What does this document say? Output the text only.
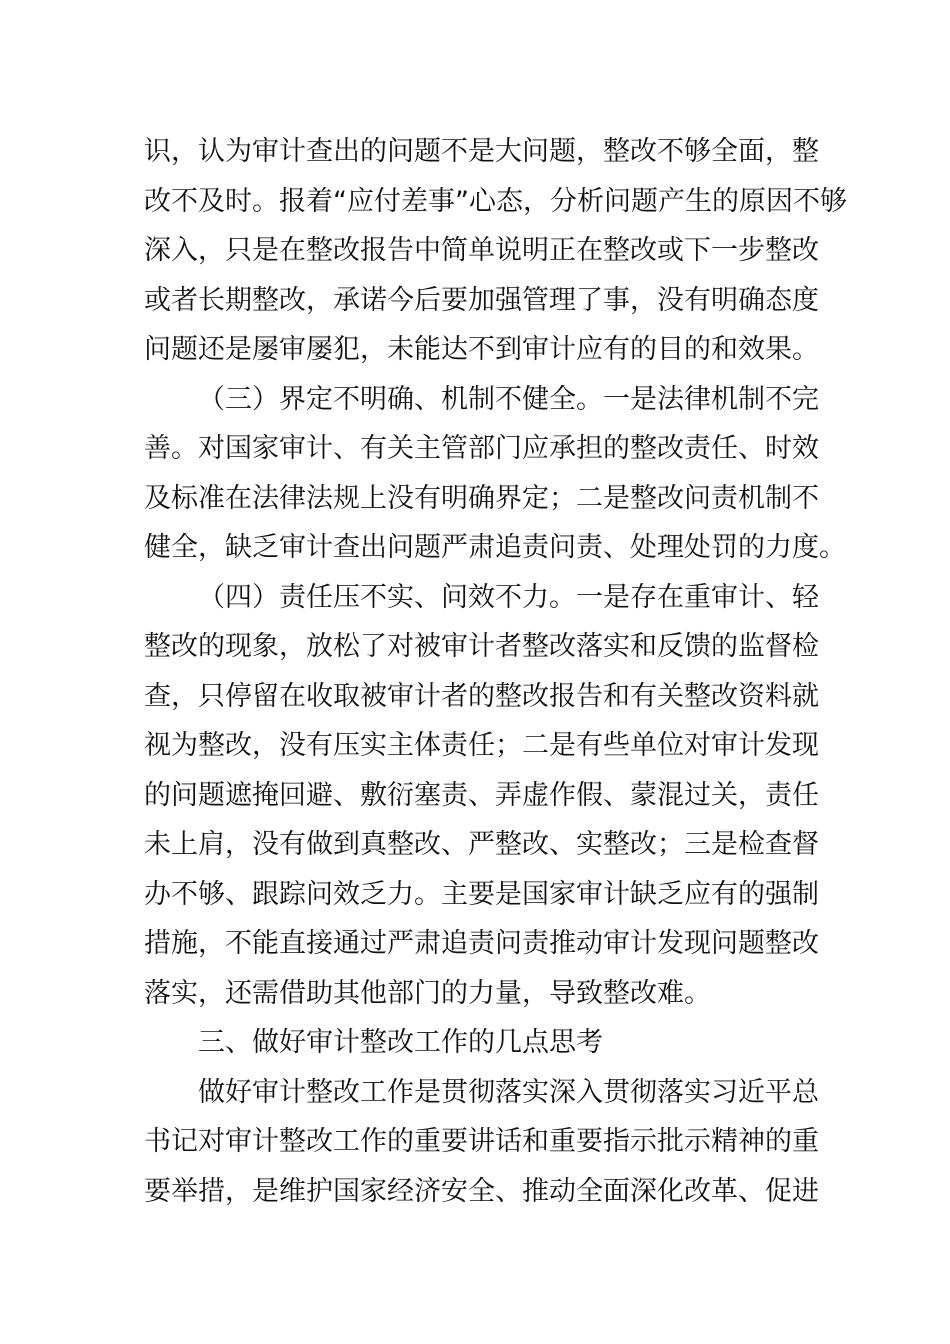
识，认为审计查出的问题不是大问题，整改不够全面，整
改不及时。报着“应付差事”心态，分析问题产生的原因不够
深入，只是在整改报告中简单说明正在整改或下一步整改
或者长期整改，承诺今后要加强管理了事，没有明确态度
问题还是屡审屡犯，未能达不到审计应有的目的和效果。
（三）界定不明确、机制不健全。一是法律机制不完
善。对国家审计、有关主管部门应承担的整改责任、时效
及标准在法律法规上没有明确界定；二是整改问责机制不
健全，缺乏审计查出问题严肃追责问责、处理处罚的力度。
（四）责任压不实、问效不力。一是存在重审计、轻
整改的现象，放松了对被审计者整改落实和反馈的监督检
查，只停留在收取被审计者的整改报告和有关整改资料就
视为整改，没有压实主体责任；二是有些单位对审计发现
的问题遮掩回避、敷衍塞责、弄虚作假、蒙混过关，责任
未上肩，没有做到真整改、严整改、实整改；三是检查督
办不够、跟踪问效乏力。主要是国家审计缺乏应有的强制
措施，不能直接通过严肃追责问责推动审计发现问题整改
落实，还需借助其他部门的力量，导致整改难。
三、做好审计整改工作的几点思考
做好审计整改工作是贯彻落实深入贯彻落实习近平总
书记对审计整改工作的重要讲话和重要指示批示精神的重
要举措，是维护国家经济安全、推动全面深化改革、促进
